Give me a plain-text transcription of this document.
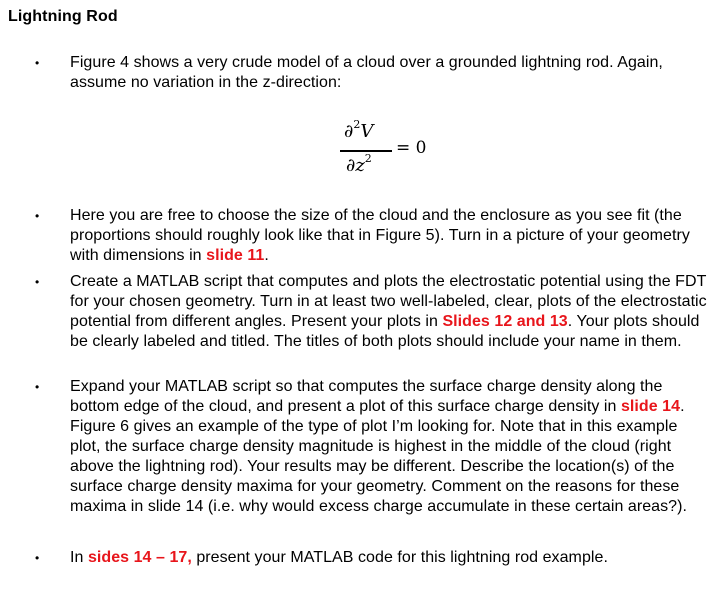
Lightning Rod
• Figure 4 shows a very crude model of a cloud over a grounded lightning rod. Again, assume no variation in the z-direction:
∂$^2$V
$\partial z^2$
= 0
• Here you are free to choose the size of the cloud and the enclosure as you see fit (the proportions should roughly look like that in Figure 5). Turn in a picture of your geometry with dimensions in slide 11.
• Create a MATLAB script that computes and plots the electrostatic potential using the FDT for your chosen geometry. Turn in at least two well-labeled, clear, plots of the electrostatic potential from different angles. Present your plots in Slides 12 and 13. Your plots should be clearly labeled and titled. The titles of both plots should include your name in them.
• Expand your MATLAB script so that computes the surface charge density along the bottom edge of the cloud, and present a plot of this surface charge density in slide 14. Figure 6 gives an example of the type of plot I’m looking for. Note that in this example plot, the surface charge density magnitude is highest in the middle of the cloud (right above the lightning rod). Your results may be different. Describe the location(s) of the surface charge density maxima for your geometry. Comment on the reasons for these maxima in slide 14 (i.e. why would excess charge accumulate in these certain areas?).
• In sides 14 – 17, present your MATLAB code for this lightning rod example.
